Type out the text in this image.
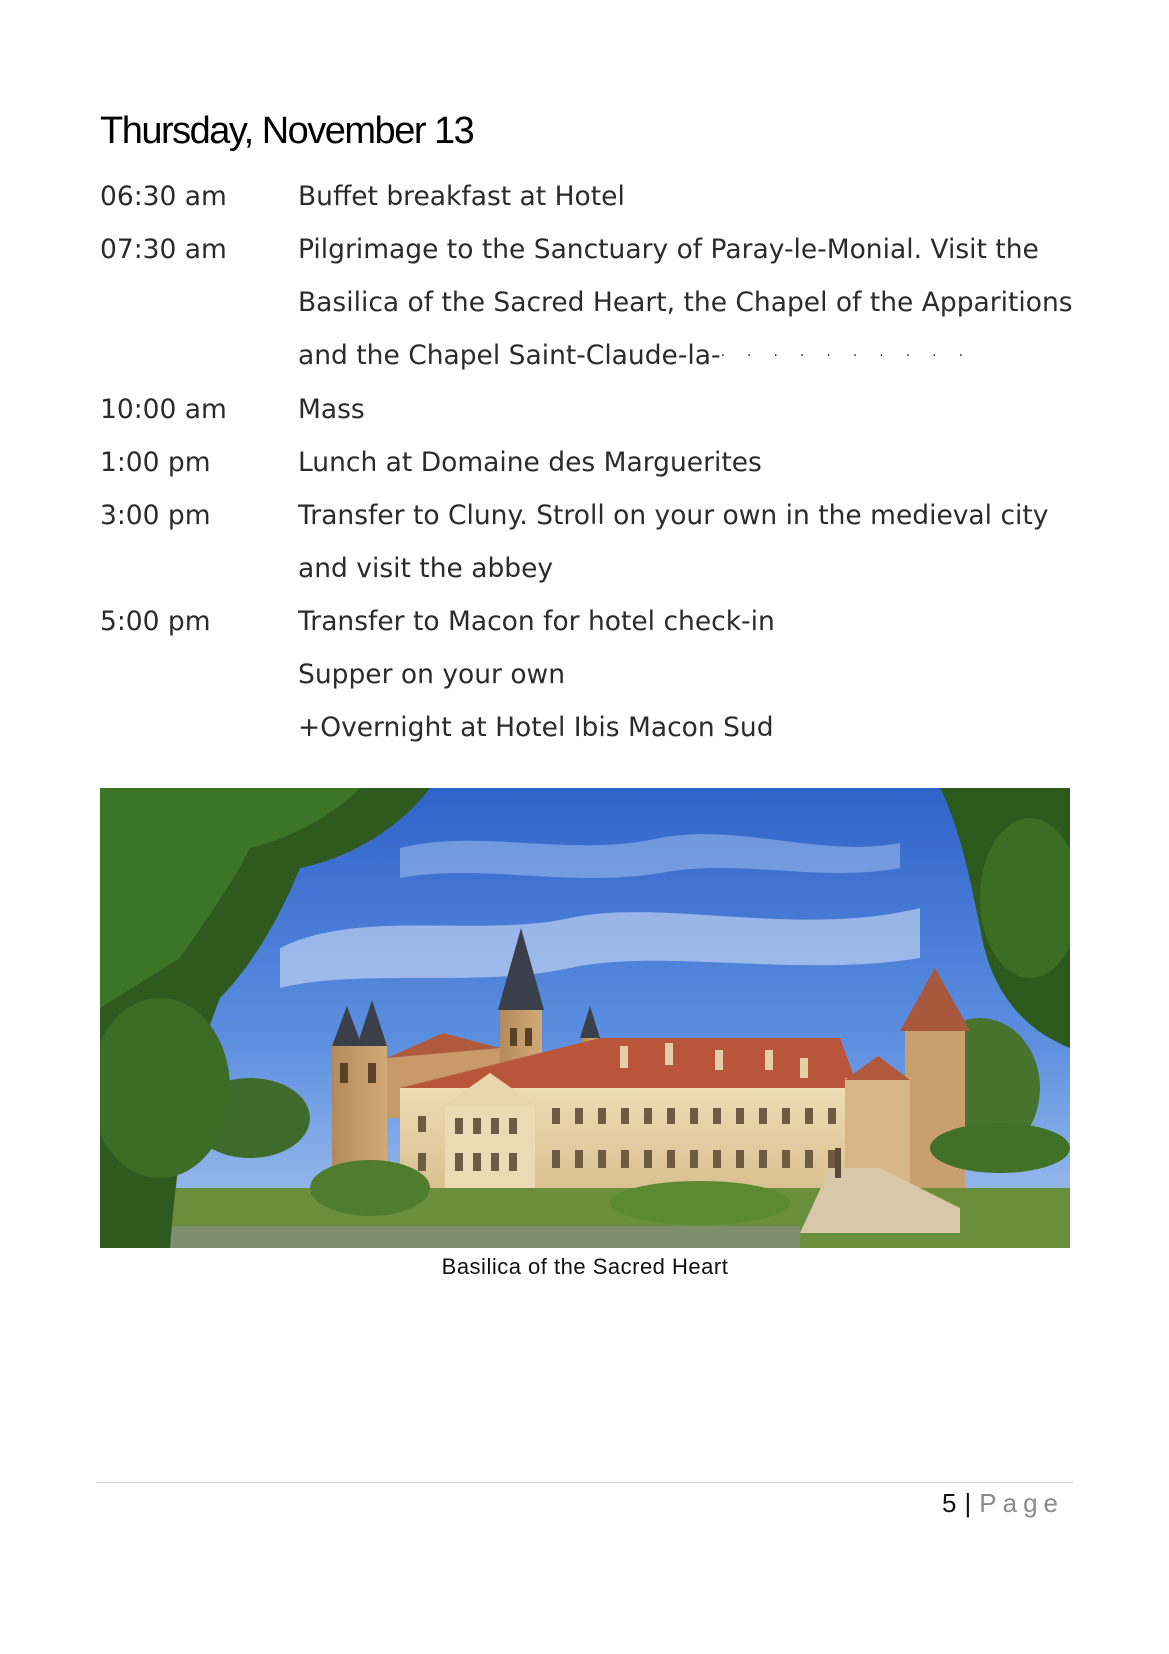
Thursday, November 13
06:30 am	Buffet breakfast at Hotel
07:30 am	Pilgrimage to the Sanctuary of Paray-le-Monial. Visit the
Basilica of the Sacred Heart, the Chapel of the Apparitions
and the Chapel Saint-Claude-la-··········
10:00 am	Mass
1:00 pm	Lunch at Domaine des Marguerites
3:00 pm	Transfer to Cluny. Stroll on your own in the medieval city
and visit the abbey
5:00 pm	Transfer to Macon for hotel check-in
Supper on your own
+Overnight at Hotel Ibis Macon Sud
Basilica of the Sacred Heart
5 | Page
